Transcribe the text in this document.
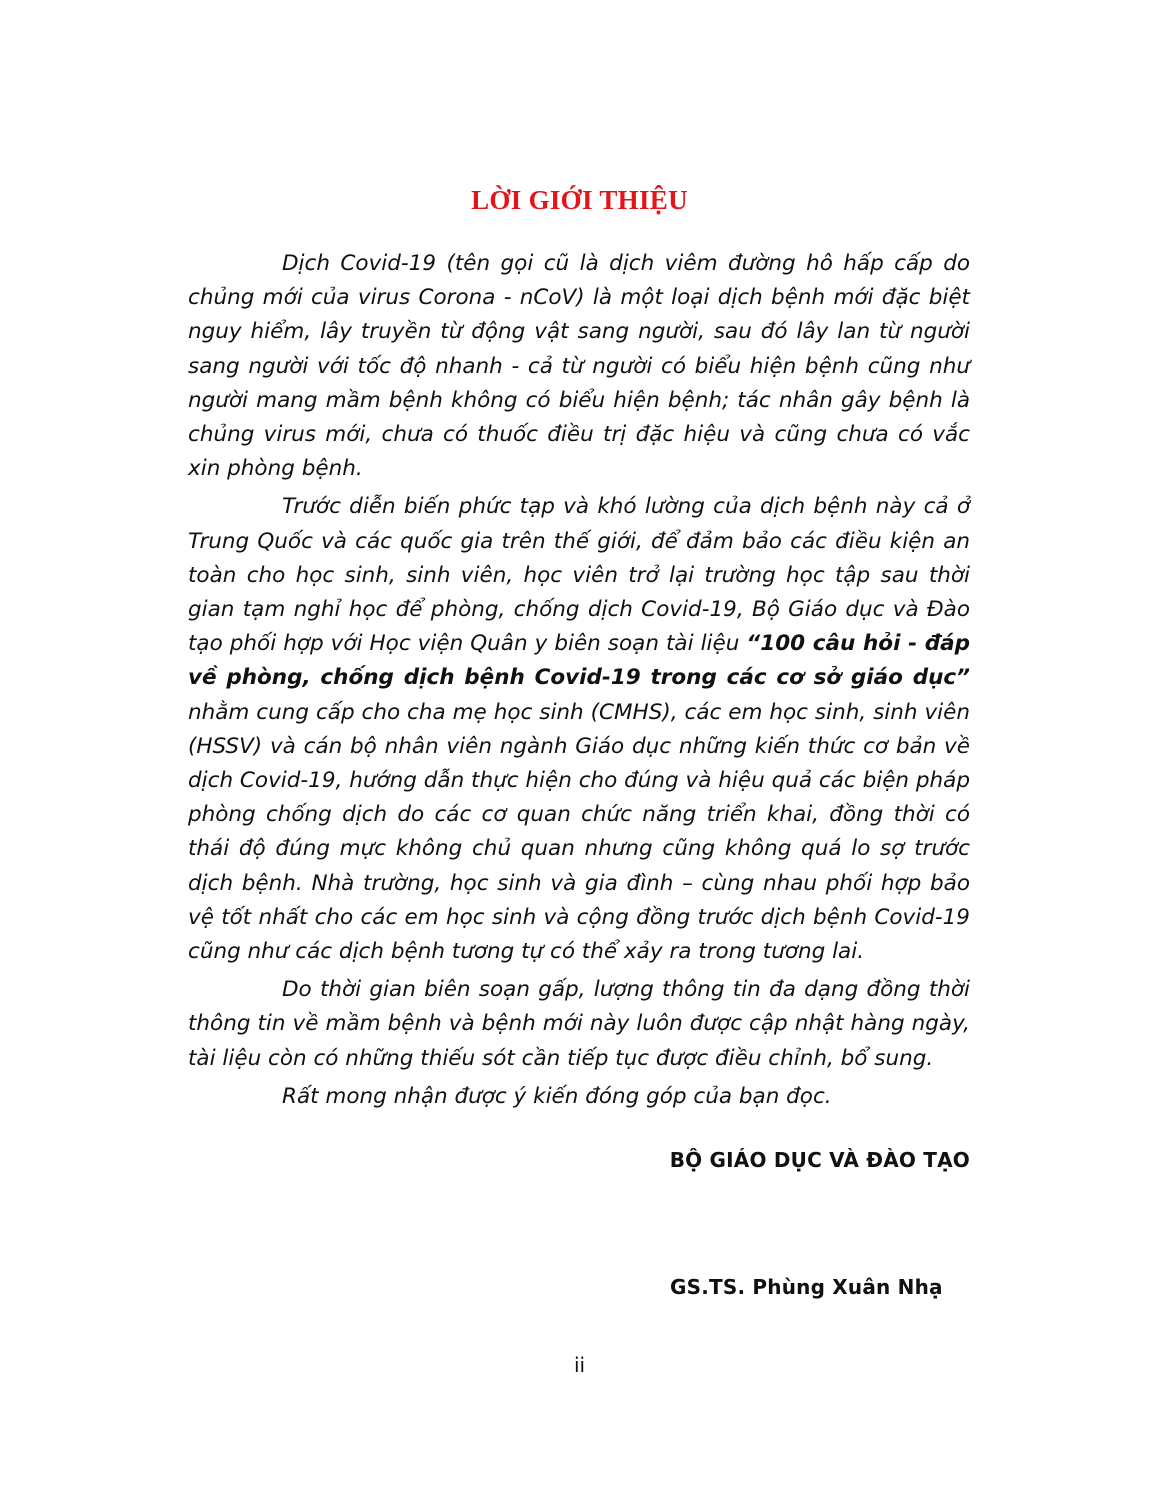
LỜI GIỚI THIỆU

Dịch Covid-19 (tên gọi cũ là dịch viêm đường hô hấp cấp do chủng mới của virus Corona - nCoV) là một loại dịch bệnh mới đặc biệt nguy hiểm, lây truyền từ động vật sang người, sau đó lây lan từ người sang người với tốc độ nhanh - cả từ người có biểu hiện bệnh cũng như người mang mầm bệnh không có biểu hiện bệnh; tác nhân gây bệnh là chủng virus mới, chưa có thuốc điều trị đặc hiệu và cũng chưa có vắc xin phòng bệnh.

Trước diễn biến phức tạp và khó lường của dịch bệnh này cả ở Trung Quốc và các quốc gia trên thế giới, để đảm bảo các điều kiện an toàn cho học sinh, sinh viên, học viên trở lại trường học tập sau thời gian tạm nghỉ học để phòng, chống dịch Covid-19, Bộ Giáo dục và Đào tạo phối hợp với Học viện Quân y biên soạn tài liệu “100 câu hỏi - đáp về phòng, chống dịch bệnh Covid-19 trong các cơ sở giáo dục” nhằm cung cấp cho cha mẹ học sinh (CMHS), các em học sinh, sinh viên (HSSV) và cán bộ nhân viên ngành Giáo dục những kiến thức cơ bản về dịch Covid-19, hướng dẫn thực hiện cho đúng và hiệu quả các biện pháp phòng chống dịch do các cơ quan chức năng triển khai, đồng thời có thái độ đúng mực không chủ quan nhưng cũng không quá lo sợ trước dịch bệnh. Nhà trường, học sinh và gia đình – cùng nhau phối hợp bảo vệ tốt nhất cho các em học sinh và cộng đồng trước dịch bệnh Covid-19 cũng như các dịch bệnh tương tự có thể xảy ra trong tương lai.

Do thời gian biên soạn gấp, lượng thông tin đa dạng đồng thời thông tin về mầm bệnh và bệnh mới này luôn được cập nhật hàng ngày, tài liệu còn có những thiếu sót cần tiếp tục được điều chỉnh, bổ sung.

Rất mong nhận được ý kiến đóng góp của bạn đọc.

BỘ GIÁO DỤC VÀ ĐÀO TẠO
GS.TS. Phùng Xuân Nhạ
ii
